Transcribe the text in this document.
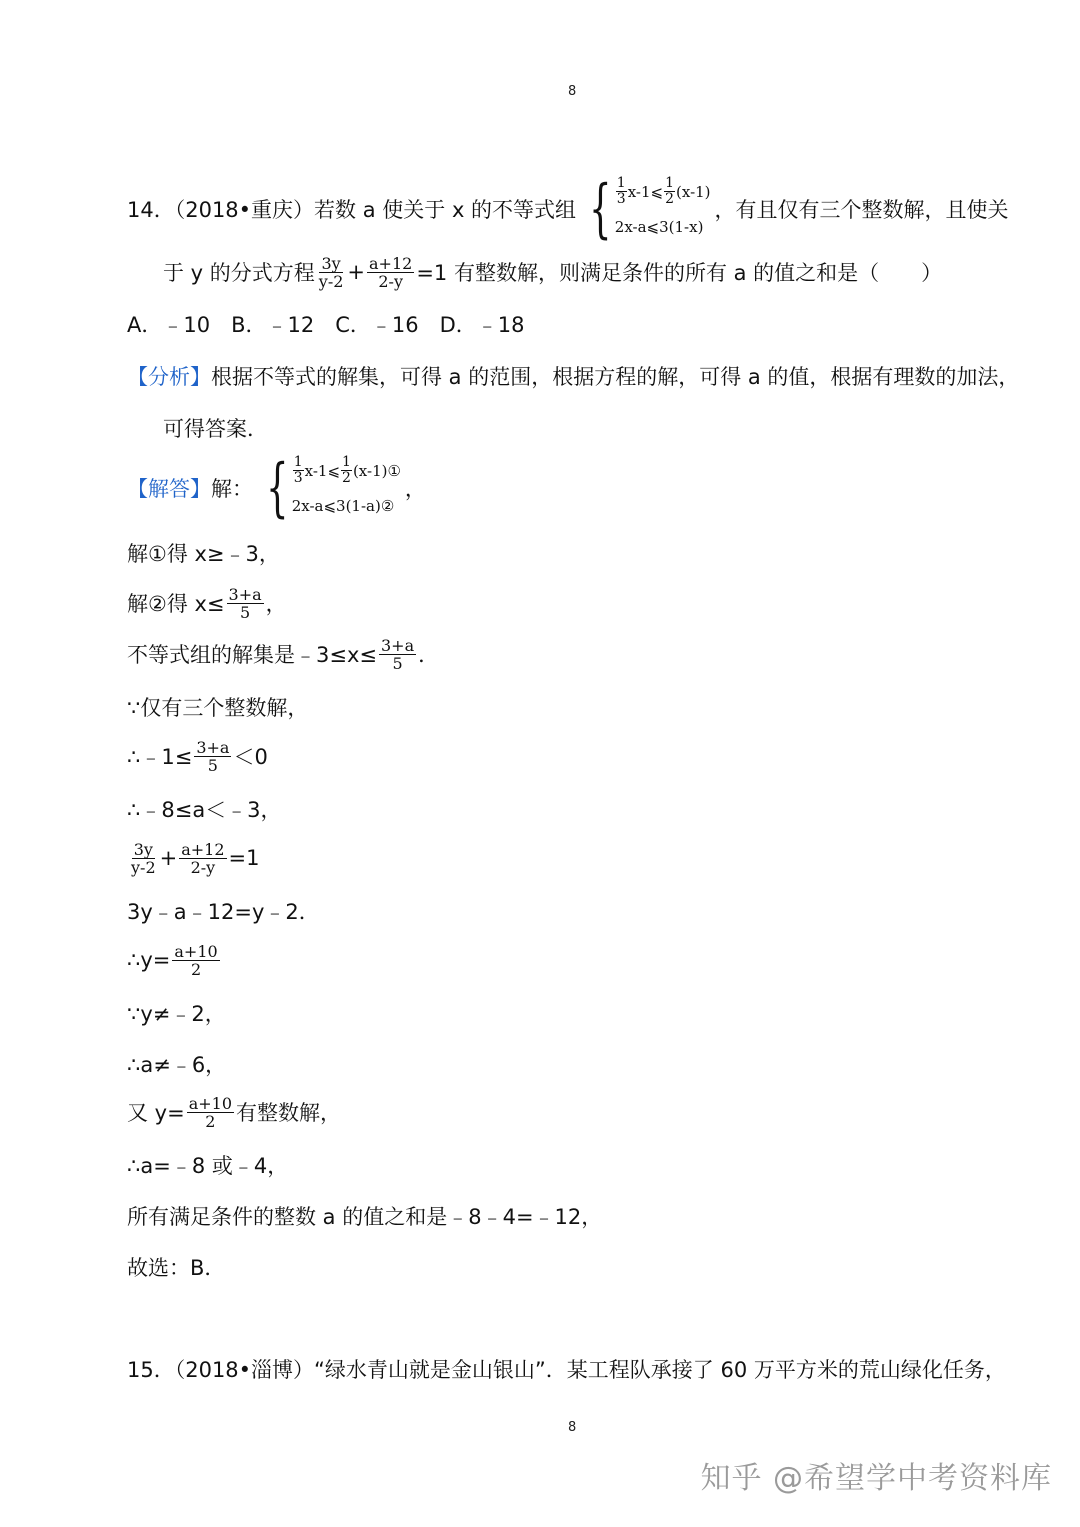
8
14．（2018•重庆）若数 a 使关于 x 的不等式组 { 1
3 x-1⩽ 1
2 (x-1)
2x-a⩽3(1-x)
，有且仅有三个整数解，且使关
于 y 的分式方程 $\frac{3y}{y-2} + \frac{a+12}{2-y} =1$ 有整数解，则满足条件的所有 a 的值之和是（　　）
A．﹣10　B．﹣12　C．﹣16　D．﹣18
【分析】 根据不等式的解集，可得 a 的范围，根据方程的解，可得 a 的值，根据有理数的加法，
可得答案．
【解答】 解： { 1
3 x-1⩽ 1
2 (x-1)①
2x-a⩽3(1-a)②
，
解①得 x≥﹣3，
解②得 $x\le \frac{3+a}{5}$ ，
不等式组的解集是﹣3≤x≤ $\frac{3+a}{5}$ ．
∵仅有三个整数解，
∴﹣1≤ $\frac{3+a}{5} <0$
∴﹣8≤a＜﹣3，
$\frac{3y}{y-2} + \frac{a+12}{2-y} =1$
3y﹣a﹣12=y﹣2．
∴y= $\frac{a+10}{2}$
∵y≠﹣2，
∴a≠﹣6，
又 $y= \frac{a+10}{2}$ 有整数解，
∴a=﹣8 或﹣4，
所有满足条件的整数 a 的值之和是﹣8﹣4=﹣12，
故选：B．
15．（2018•淄博）“绿水青山就是金山银山”．某工程队承接了 60 万平方米的荒山绿化任务，
8
知乎 @希望学中考资料库
